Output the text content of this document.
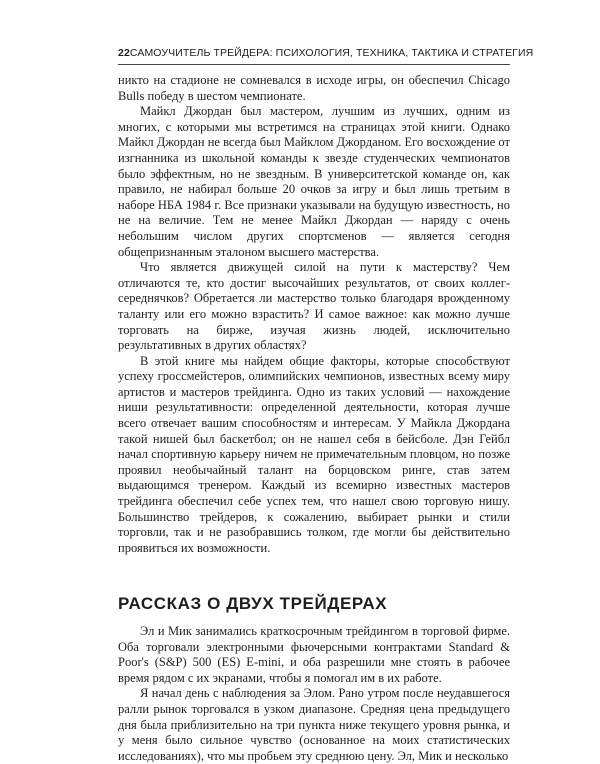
22 САМОУЧИТЕЛЬ ТРЕЙДЕРА: ПСИХОЛОГИЯ, ТЕХНИКА, ТАКТИКА И СТРАТЕГИЯ

никто на стадионе не сомневался в исходе игры, он обеспечил Chicago Bulls победу в шестом чемпионате.

Майкл Джордан был мастером, лучшим из лучших, одним из многих, с которыми мы встретимся на страницах этой книги. Однако Майкл Джордан не всегда был Майклом Джорданом. Его восхождение от изгнанника из школьной команды к звезде студенческих чемпионатов было эффектным, но не звездным. В университетской команде он, как правило, не набирал больше 20 очков за игру и был лишь третьим в наборе НБА 1984 г. Все признаки указывали на будущую известность, но не на величие. Тем не менее Майкл Джордан — наряду с очень небольшим числом других спортсменов — является сегодня общепризнанным эталоном высшего мастерства.

Что является движущей силой на пути к мастерству? Чем отличаются те, кто достиг высочайших результатов, от своих коллег-середнячков? Обретается ли мастерство только благодаря врожденному таланту или его можно взрастить? И самое важное: как можно лучше торговать на бирже, изучая жизнь людей, исключительно результативных в других областях?

В этой книге мы найдем общие факторы, которые способствуют успеху гроссмейстеров, олимпийских чемпионов, известных всему миру артистов и мастеров трейдинга. Одно из таких условий — нахождение ниши результативности: определенной деятельности, которая лучше всего отвечает вашим способностям и интересам. У Майкла Джордана такой нишей был баскетбол; он не нашел себя в бейсболе. Дэн Гейбл начал спортивную карьеру ничем не примечательным пловцом, но позже проявил необычайный талант на борцовском ринге, став затем выдающимся тренером. Каждый из всемирно известных мастеров трейдинга обеспечил себе успех тем, что нашел свою торговую нишу. Большинство трейдеров, к сожалению, выбирает рынки и стили торговли, так и не разобравшись толком, где могли бы действительно проявиться их возможности.

РАССКАЗ О ДВУХ ТРЕЙДЕРАХ

Эл и Мик занимались краткосрочным трейдингом в торговой фирме. Оба торговали электронными фьючерсными контрактами Standard & Poor's (S&P) 500 (ES) E-mini, и оба разрешили мне стоять в рабочее время рядом с их экранами, чтобы я помогал им в их работе.

Я начал день с наблюдения за Элом. Рано утром после неудавшегося ралли рынок торговался в узком диапазоне. Средняя цена предыдущего дня была приблизительно на три пункта ниже текущего уровня рынка, и у меня было сильное чувство (основанное на моих статистических исследованиях), что мы пробьем эту среднюю цену. Эл, Мик и несколько
